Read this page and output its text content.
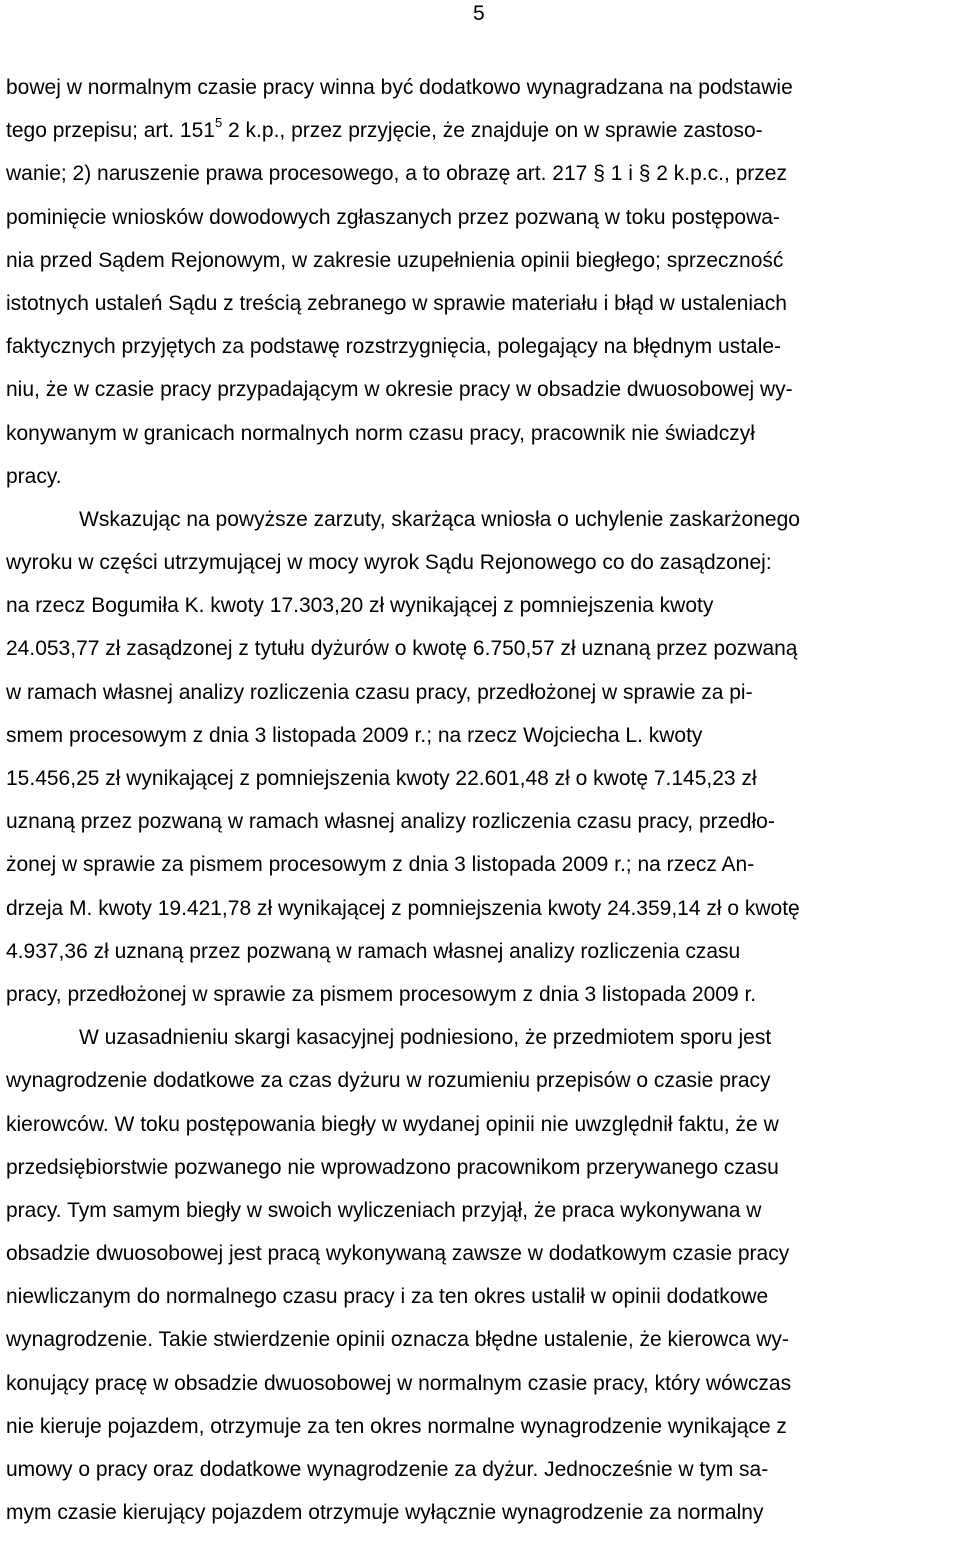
5
bowej w normalnym czasie pracy winna być dodatkowo wynagradzana na podstawie
tego przepisu; art. $151^5$ 2 k.p., przez przyjęcie, że znajduje on w sprawie zastoso-
wanie; 2) naruszenie prawa procesowego, a to obrazę art. 217 § 1 i § 2 k.p.c., przez
pominięcie wniosków dowodowych zgłaszanych przez pozwaną w toku postępowa-
nia przed Sądem Rejonowym, w zakresie uzupełnienia opinii biegłego; sprzeczność
istotnych ustaleń Sądu z treścią zebranego w sprawie materiału i błąd w ustaleniach
faktycznych przyjętych za podstawę rozstrzygnięcia, polegający na błędnym ustale-
niu, że w czasie pracy przypadającym w okresie pracy w obsadzie dwuosobowej wy-
konywanym w granicach normalnych norm czasu pracy, pracownik nie świadczył
pracy.
Wskazując na powyższe zarzuty, skarżąca wniosła o uchylenie zaskarżonego
wyroku w części utrzymującej w mocy wyrok Sądu Rejonowego co do zasądzonej:
na rzecz Bogumiła K. kwoty 17.303,20 zł wynikającej z pomniejszenia kwoty
24.053,77 zł zasądzonej z tytułu dyżurów o kwotę 6.750,57 zł uznaną przez pozwaną
w ramach własnej analizy rozliczenia czasu pracy, przedłożonej w sprawie za pi-
smem procesowym z dnia 3 listopada 2009 r.; na rzecz Wojciecha L. kwoty
15.456,25 zł wynikającej z pomniejszenia kwoty 22.601,48 zł o kwotę 7.145,23 zł
uznaną przez pozwaną w ramach własnej analizy rozliczenia czasu pracy, przedło-
żonej w sprawie za pismem procesowym z dnia 3 listopada 2009 r.; na rzecz An-
drzeja M. kwoty 19.421,78 zł wynikającej z pomniejszenia kwoty 24.359,14 zł o kwotę
4.937,36 zł uznaną przez pozwaną w ramach własnej analizy rozliczenia czasu
pracy, przedłożonej w sprawie za pismem procesowym z dnia 3 listopada 2009 r.
W uzasadnieniu skargi kasacyjnej podniesiono, że przedmiotem sporu jest
wynagrodzenie dodatkowe za czas dyżuru w rozumieniu przepisów o czasie pracy
kierowców. W toku postępowania biegły w wydanej opinii nie uwzględnił faktu, że w
przedsiębiorstwie pozwanego nie wprowadzono pracownikom przerywanego czasu
pracy. Tym samym biegły w swoich wyliczeniach przyjął, że praca wykonywana w
obsadzie dwuosobowej jest pracą wykonywaną zawsze w dodatkowym czasie pracy
niewliczanym do normalnego czasu pracy i za ten okres ustalił w opinii dodatkowe
wynagrodzenie. Takie stwierdzenie opinii oznacza błędne ustalenie, że kierowca wy-
konujący pracę w obsadzie dwuosobowej w normalnym czasie pracy, który wówczas
nie kieruje pojazdem, otrzymuje za ten okres normalne wynagrodzenie wynikające z
umowy o pracy oraz dodatkowe wynagrodzenie za dyżur. Jednocześnie w tym sa-
mym czasie kierujący pojazdem otrzymuje wyłącznie wynagrodzenie za normalny
